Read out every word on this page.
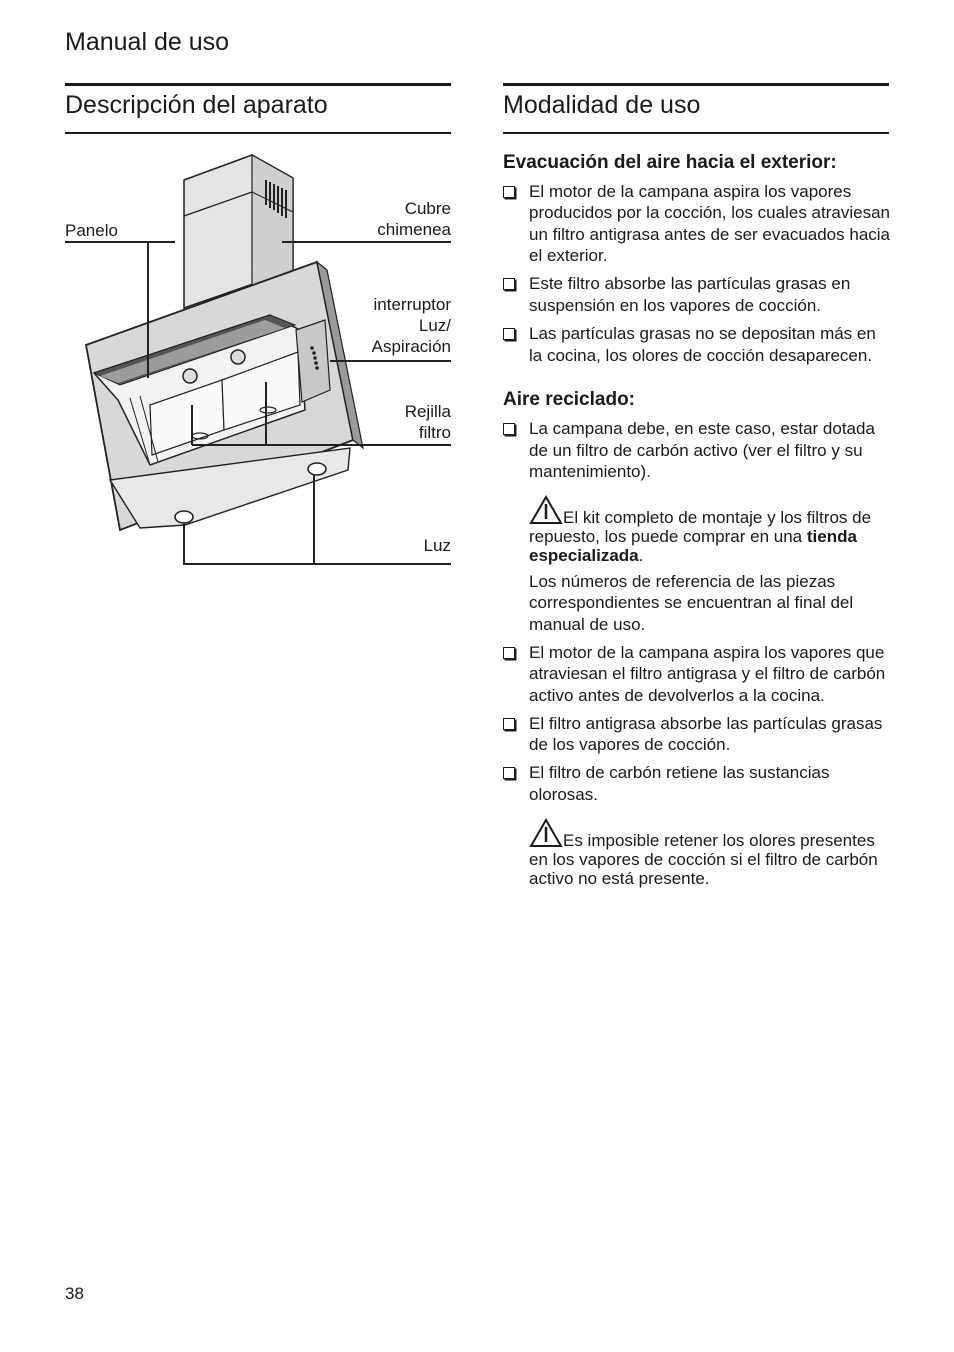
Manual de uso
Descripción del aparato
Panelo
Cubre
chimenea
interruptor
Luz/
Aspiración
Rejilla
filtro
Luz
Modalidad de uso
Evacuación del aire hacia el exterior:
El motor de la campana aspira los vapores producidos por la cocción, los cuales atraviesan un filtro antigrasa antes de ser evacuados hacia el exterior.
Este filtro absorbe las partículas grasas en suspensión en los vapores de cocción.
Las partículas grasas no se depositan más en la cocina, los olores de cocción desaparecen.
Aire reciclado:
La campana debe, en este caso, estar dotada de un filtro de carbón activo (ver el filtro y su mantenimiento).

El kit completo de montaje y los filtros de repuesto, los puede comprar en una tienda especializada.

Los números de referencia de las piezas correspondientes se encuentran al final del manual de uso.

El motor de la campana aspira los vapores que atraviesan el filtro antigrasa y el filtro de carbón activo antes de devolverlos a la cocina.
El filtro antigrasa absorbe las partículas grasas de los vapores de cocción.
El filtro de carbón retiene las sustancias olorosas.

Es imposible retener los olores presentes en los vapores de cocción si el filtro de carbón activo no está presente.

38
